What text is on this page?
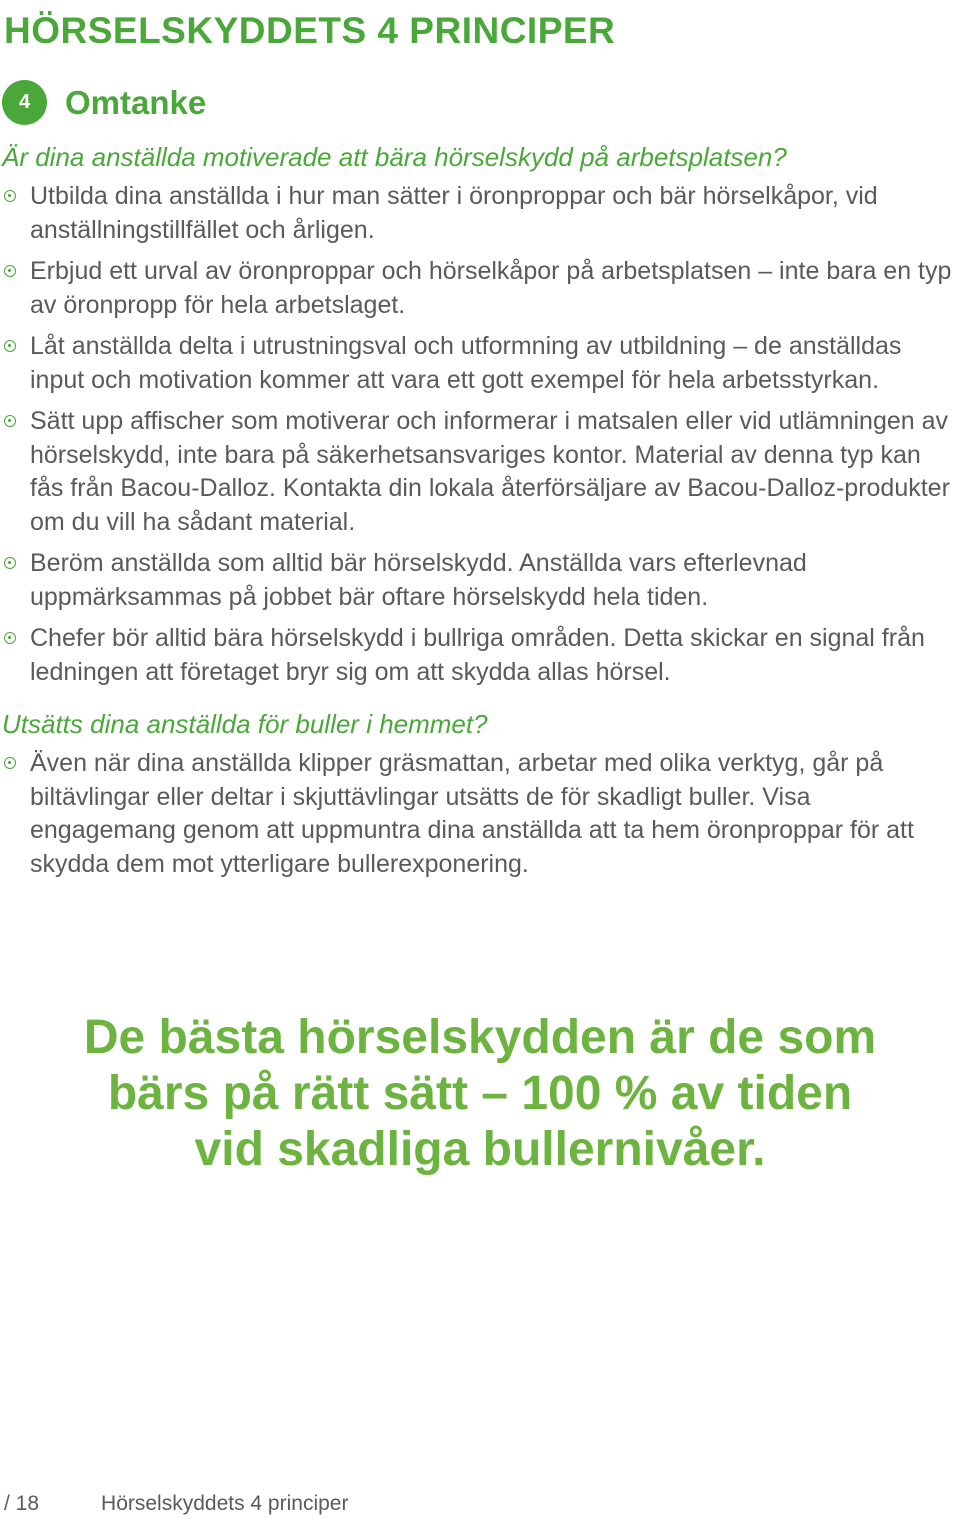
HÖRSELSKYDDETS 4 PRINCIPER
4	Omtanke

Är dina anställda motiverade att bära hörselskydd på arbetsplatsen?

Utbilda dina anställda i hur man sätter i öronproppar och bär hörselkåpor, vid anställningstillfället och årligen.
Erbjud ett urval av öronproppar och hörselkåpor på arbetsplatsen – inte bara en typ av öronpropp för hela arbetslaget.
Låt anställda delta i utrustningsval och utformning av utbildning – de anställdas input och motivation kommer att vara ett gott exempel för hela arbetsstyrkan.
Sätt upp affischer som motiverar och informerar i matsalen eller vid utlämningen av hörselskydd, inte bara på säkerhetsansvariges kontor. Material av denna typ kan fås från Bacou-Dalloz. Kontakta din lokala återförsäljare av Bacou-Dalloz-produkter om du vill ha sådant material.
Beröm anställda som alltid bär hörselskydd. Anställda vars efterlevnad uppmärksammas på jobbet bär oftare hörselskydd hela tiden.
Chefer bör alltid bära hörselskydd i bullriga områden. Detta skickar en signal från ledningen att företaget bryr sig om att skydda allas hörsel.

Utsätts dina anställda för buller i hemmet?

Även när dina anställda klipper gräsmattan, arbetar med olika verktyg, går på biltävlingar eller deltar i skjuttävlingar utsätts de för skadligt buller. Visa engagemang genom att uppmuntra dina anställda att ta hem öronproppar för att skydda dem mot ytterligare bullerexponering.
De bästa hörselskydden är de som
bärs på rätt sätt – 100 % av tiden
vid skadliga bullernivåer.
/ 18	Hörselskyddets 4 principer
